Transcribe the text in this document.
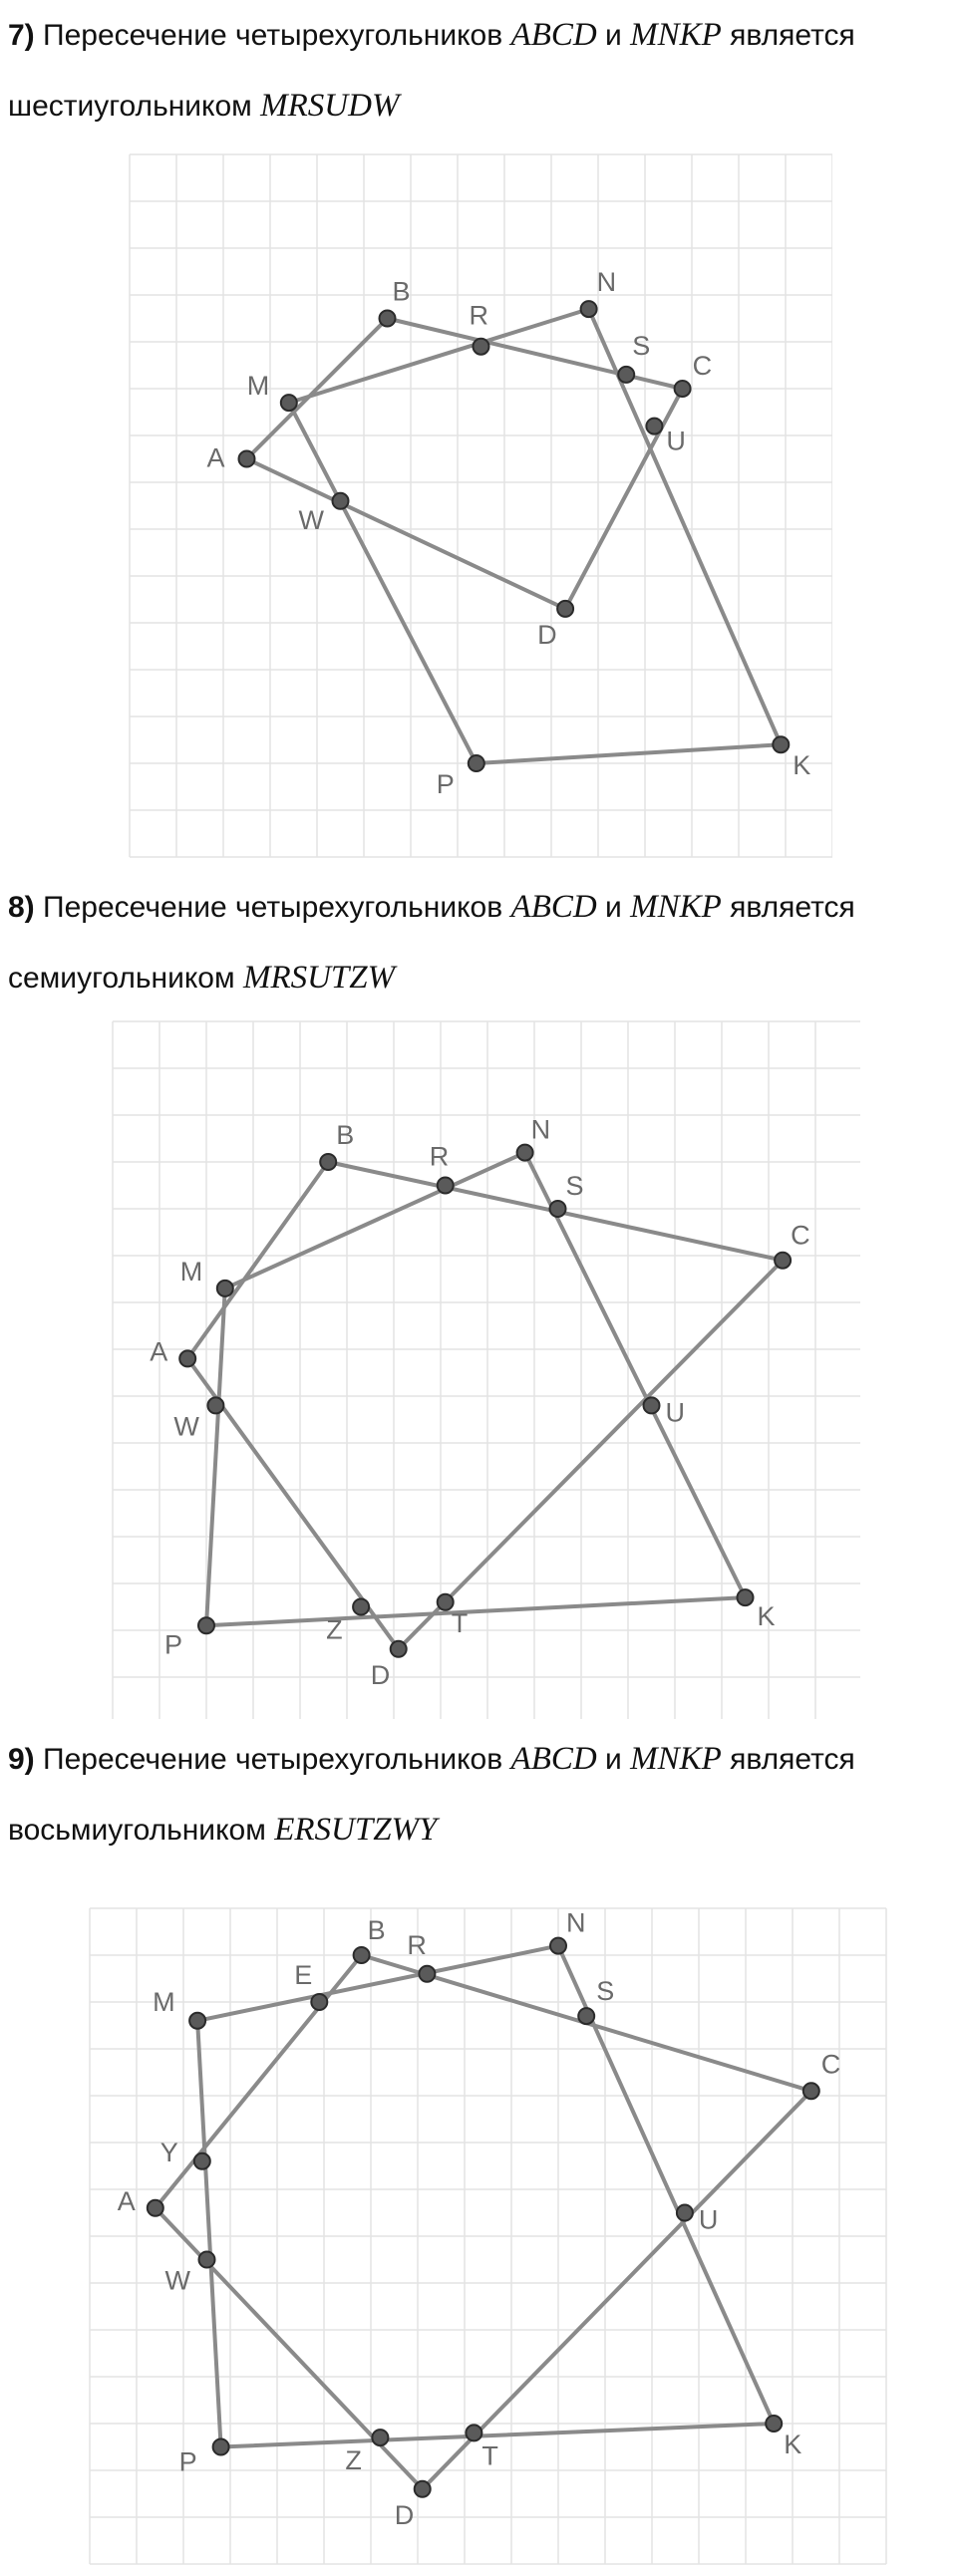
7) Пересечение четырехугольников ABCD и MNKP является
шестиугольником MRSUDW
A
B
C
D
M
N
K
P
R
S
U
W
8) Пересечение четырехугольников ABCD и MNKP является
семиугольником MRSUTZW
A
B
C
D
M
N
K
P
R
S
U
W
Z	T
9) Пересечение четырехугольников ABCD и MNKP является
восьмиугольником ERSUTZWY
A
B
C
D
M
N
K
P
E
R
S
U
T
Z
W
Y
